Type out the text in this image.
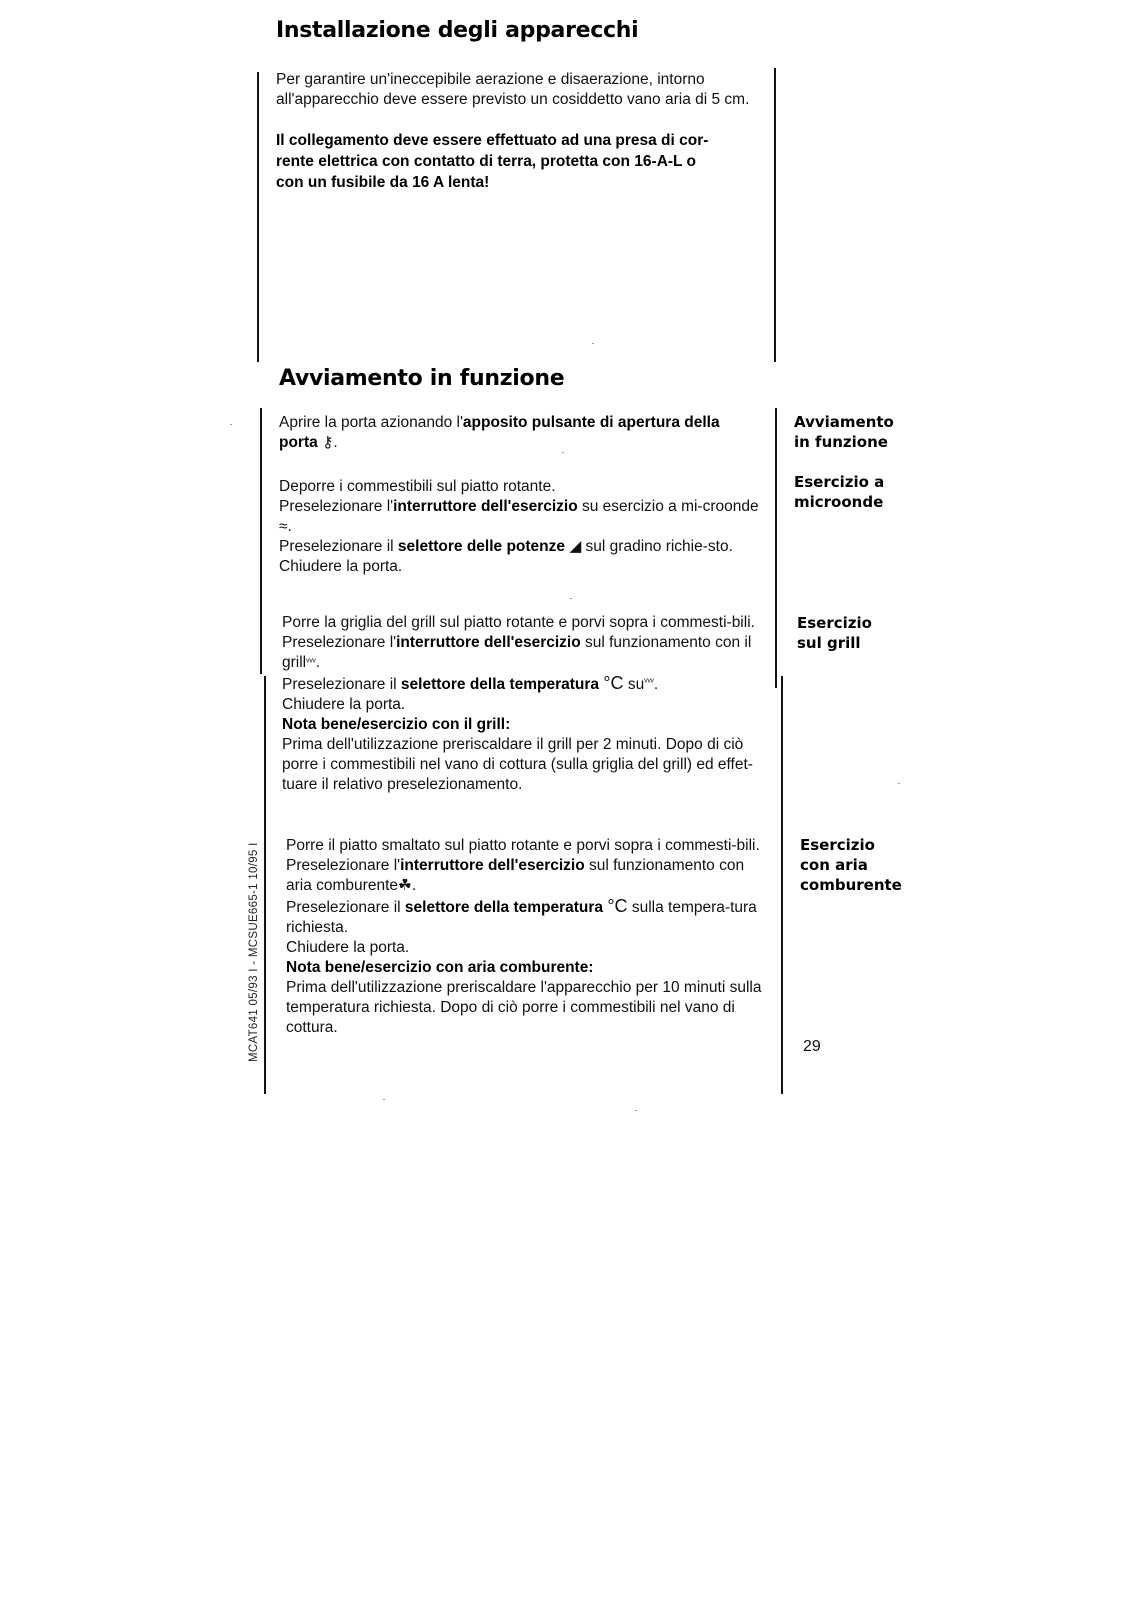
Installazione degli apparecchi
Per garantire un'ineccepibile aerazione e disaerazione, intorno all'apparecchio deve essere previsto un cosiddetto vano aria di 5 cm.
Il collegamento deve essere effettuato ad una presa di cor-
rente elettrica con contatto di terra, protetta con 16-A-L o
con un fusibile da 16 A lenta!
Avviamento in funzione
Aprire la porta azionando l'apposito pulsante di apertura della porta ⚷.
Deporre i commestibili sul piatto rotante.
Preselezionare l'interruttore dell'esercizio su esercizio a mi-croonde ≈.
Preselezionare il selettore delle potenze ◢ sul gradino richie-sto.
Chiudere la porta.
Porre la griglia del grill sul piatto rotante e porvi sopra i commesti-bili.
Preselezionare l'interruttore dell'esercizio sul funzionamento con il grillᵛᵛᵛ.
Preselezionare il selettore della temperatura °C suᵛᵛᵛ.
Chiudere la porta.
Nota bene/esercizio con il grill:
Prima dell'utilizzazione preriscaldare il grill per 2 minuti. Dopo di ciò porre i commestibili nel vano di cottura (sulla griglia del grill) ed effet-tuare il relativo preselezionamento.
Porre il piatto smaltato sul piatto rotante e porvi sopra i commesti-bili.
Preselezionare l'interruttore dell'esercizio sul funzionamento con aria comburente☘.
Preselezionare il selettore della temperatura °C sulla tempera-tura richiesta.
Chiudere la porta.
Nota bene/esercizio con aria comburente:
Prima dell'utilizzazione preriscaldare l'apparecchio per 10 minuti sulla temperatura richiesta. Dopo di ciò porre i commestibili nel vano di cottura.
Avviamento
in funzione
Esercizio a
microonde
Esercizio
sul grill
Esercizio
con aria
comburente
MCAT641 05/93 I - MCSUE665-1 10/95 I	29
